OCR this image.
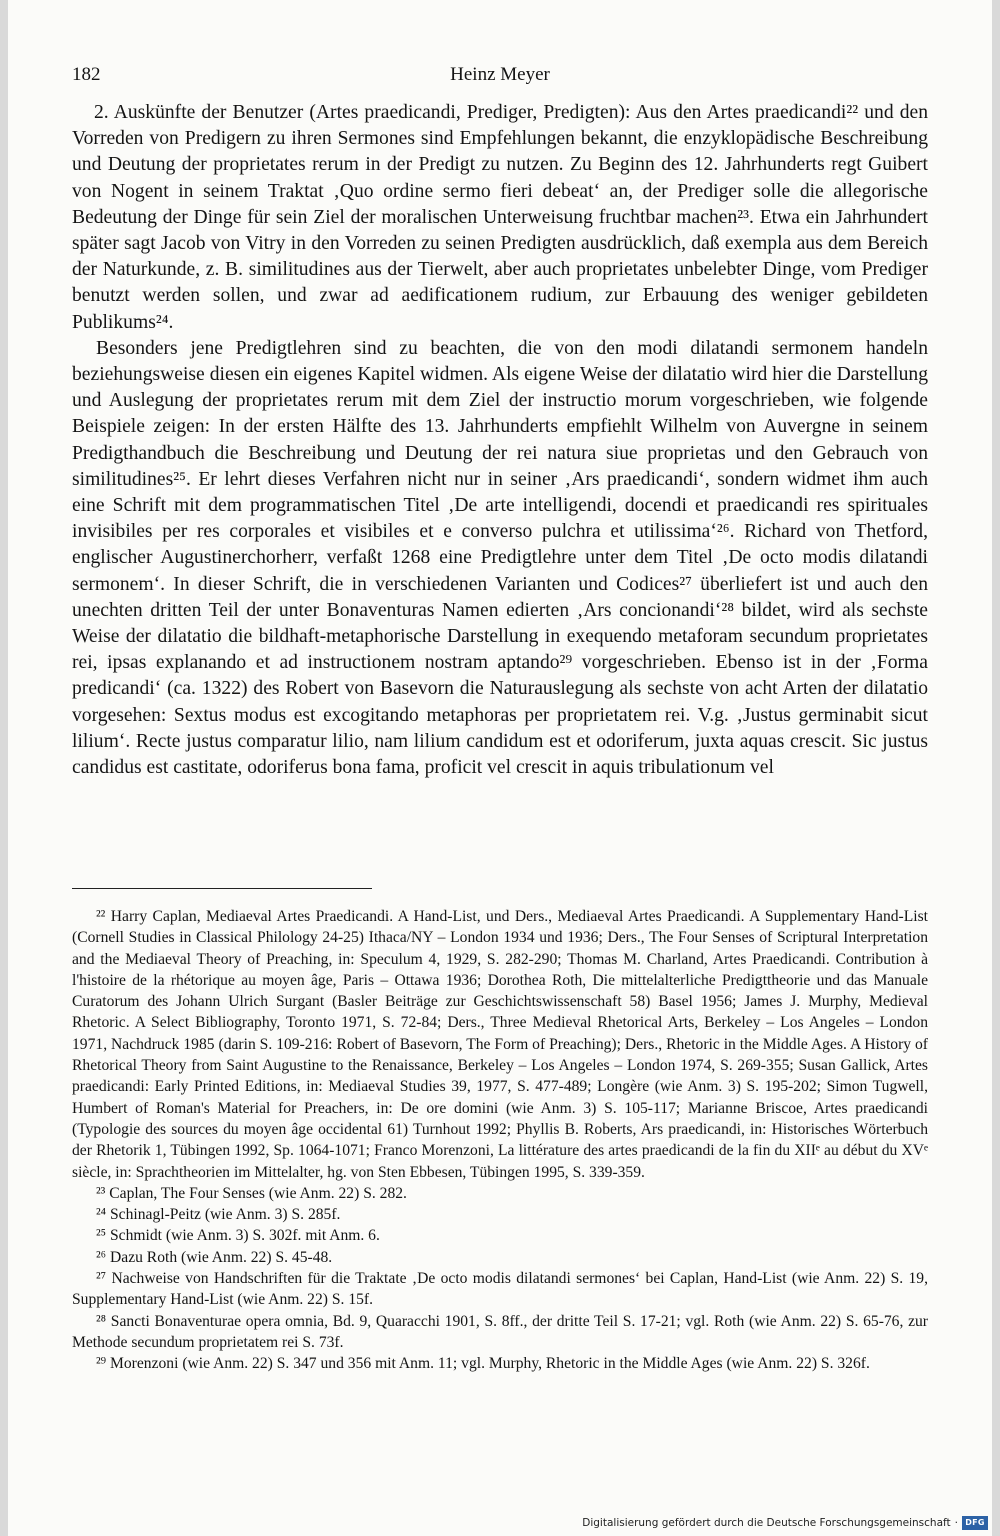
182	Heinz Meyer

2. Auskünfte der Benutzer (Artes praedicandi, Prediger, Predigten): Aus den Artes praedicandi²² und den Vorreden von Predigern zu ihren Sermones sind Empfehlungen bekannt, die enzyklopädische Beschreibung und Deutung der proprietates rerum in der Predigt zu nutzen. Zu Beginn des 12. Jahrhunderts regt Guibert von Nogent in seinem Traktat ‚Quo ordine sermo fieri debeat‘ an, der Prediger solle die allegorische Bedeutung der Dinge für sein Ziel der moralischen Unterweisung fruchtbar machen²³. Etwa ein Jahrhundert später sagt Jacob von Vitry in den Vorreden zu seinen Predigten ausdrücklich, daß exempla aus dem Bereich der Naturkunde, z. B. similitudines aus der Tierwelt, aber auch proprietates unbelebter Dinge, vom Prediger benutzt werden sollen, und zwar ad aedificationem rudium, zur Erbauung des weniger gebildeten Publikums²⁴.

Besonders jene Predigtlehren sind zu beachten, die von den modi dilatandi sermonem handeln beziehungsweise diesen ein eigenes Kapitel widmen. Als eigene Weise der dilatatio wird hier die Darstellung und Auslegung der proprietates rerum mit dem Ziel der instructio morum vorgeschrieben, wie folgende Beispiele zeigen: In der ersten Hälfte des 13. Jahrhunderts empfiehlt Wilhelm von Auvergne in seinem Predigthandbuch die Beschreibung und Deutung der rei natura siue proprietas und den Gebrauch von similitudines²⁵. Er lehrt dieses Verfahren nicht nur in seiner ‚Ars praedicandi‘, sondern widmet ihm auch eine Schrift mit dem programmatischen Titel ‚De arte intelligendi, docendi et praedicandi res spirituales invisibiles per res corporales et visibiles et e converso pulchra et utilissima‘²⁶. Richard von Thetford, englischer Augustinerchorherr, verfaßt 1268 eine Predigtlehre unter dem Titel ‚De octo modis dilatandi sermonem‘. In dieser Schrift, die in verschiedenen Varianten und Codices²⁷ überliefert ist und auch den unechten dritten Teil der unter Bonaventuras Namen edierten ‚Ars concionandi‘²⁸ bildet, wird als sechste Weise der dilatatio die bildhaft-metaphorische Darstellung in exequendo metaforam secundum proprietates rei, ipsas explanando et ad instructionem nostram aptando²⁹ vorgeschrieben. Ebenso ist in der ‚Forma predicandi‘ (ca. 1322) des Robert von Basevorn die Naturauslegung als sechste von acht Arten der dilatatio vorgesehen: Sextus modus est excogitando metaphoras per proprietatem rei. V.g. ‚Justus germinabit sicut lilium‘. Recte justus comparatur lilio, nam lilium candidum est et odoriferum, juxta aquas crescit. Sic justus candidus est castitate, odoriferus bona fama, proficit vel crescit in aquis tribulationum vel

²² Harry Caplan, Mediaeval Artes Praedicandi. A Hand-List, und Ders., Mediaeval Artes Praedicandi. A Supplementary Hand-List (Cornell Studies in Classical Philology 24-25) Ithaca/NY – London 1934 und 1936; Ders., The Four Senses of Scriptural Interpretation and the Mediaeval Theory of Preaching, in: Speculum 4, 1929, S. 282-290; Thomas M. Charland, Artes Praedicandi. Contribution à l'histoire de la rhétorique au moyen âge, Paris – Ottawa 1936; Dorothea Roth, Die mittelalterliche Predigttheorie und das Manuale Curatorum des Johann Ulrich Surgant (Basler Beiträge zur Geschichtswissenschaft 58) Basel 1956; James J. Murphy, Medieval Rhetoric. A Select Bibliography, Toronto 1971, S. 72-84; Ders., Three Medieval Rhetorical Arts, Berkeley – Los Angeles – London 1971, Nachdruck 1985 (darin S. 109-216: Robert of Basevorn, The Form of Preaching); Ders., Rhetoric in the Middle Ages. A History of Rhetorical Theory from Saint Augustine to the Renaissance, Berkeley – Los Angeles – London 1974, S. 269-355; Susan Gallick, Artes praedicandi: Early Printed Editions, in: Mediaeval Studies 39, 1977, S. 477-489; Longère (wie Anm. 3) S. 195-202; Simon Tugwell, Humbert of Roman's Material for Preachers, in: De ore domini (wie Anm. 3) S. 105-117; Marianne Briscoe, Artes praedicandi (Typologie des sources du moyen âge occidental 61) Turnhout 1992; Phyllis B. Roberts, Ars praedicandi, in: Historisches Wörterbuch der Rhetorik 1, Tübingen 1992, Sp. 1064-1071; Franco Morenzoni, La littérature des artes praedicandi de la fin du XIIᵉ au début du XVᵉ siècle, in: Sprachtheorien im Mittelalter, hg. von Sten Ebbesen, Tübingen 1995, S. 339-359.

²³ Caplan, The Four Senses (wie Anm. 22) S. 282.

²⁴ Schinagl-Peitz (wie Anm. 3) S. 285f.

²⁵ Schmidt (wie Anm. 3) S. 302f. mit Anm. 6.

²⁶ Dazu Roth (wie Anm. 22) S. 45-48.

²⁷ Nachweise von Handschriften für die Traktate ‚De octo modis dilatandi sermones‘ bei Caplan, Hand-List (wie Anm. 22) S. 19, Supplementary Hand-List (wie Anm. 22) S. 15f.

²⁸ Sancti Bonaventurae opera omnia, Bd. 9, Quaracchi 1901, S. 8ff., der dritte Teil S. 17-21; vgl. Roth (wie Anm. 22) S. 65-76, zur Methode secundum proprietatem rei S. 73f.

²⁹ Morenzoni (wie Anm. 22) S. 347 und 356 mit Anm. 11; vgl. Murphy, Rhetoric in the Middle Ages (wie Anm. 22) S. 326f.

Digitalisierung gefördert durch die Deutsche Forschungsgemeinschaft · DFG
